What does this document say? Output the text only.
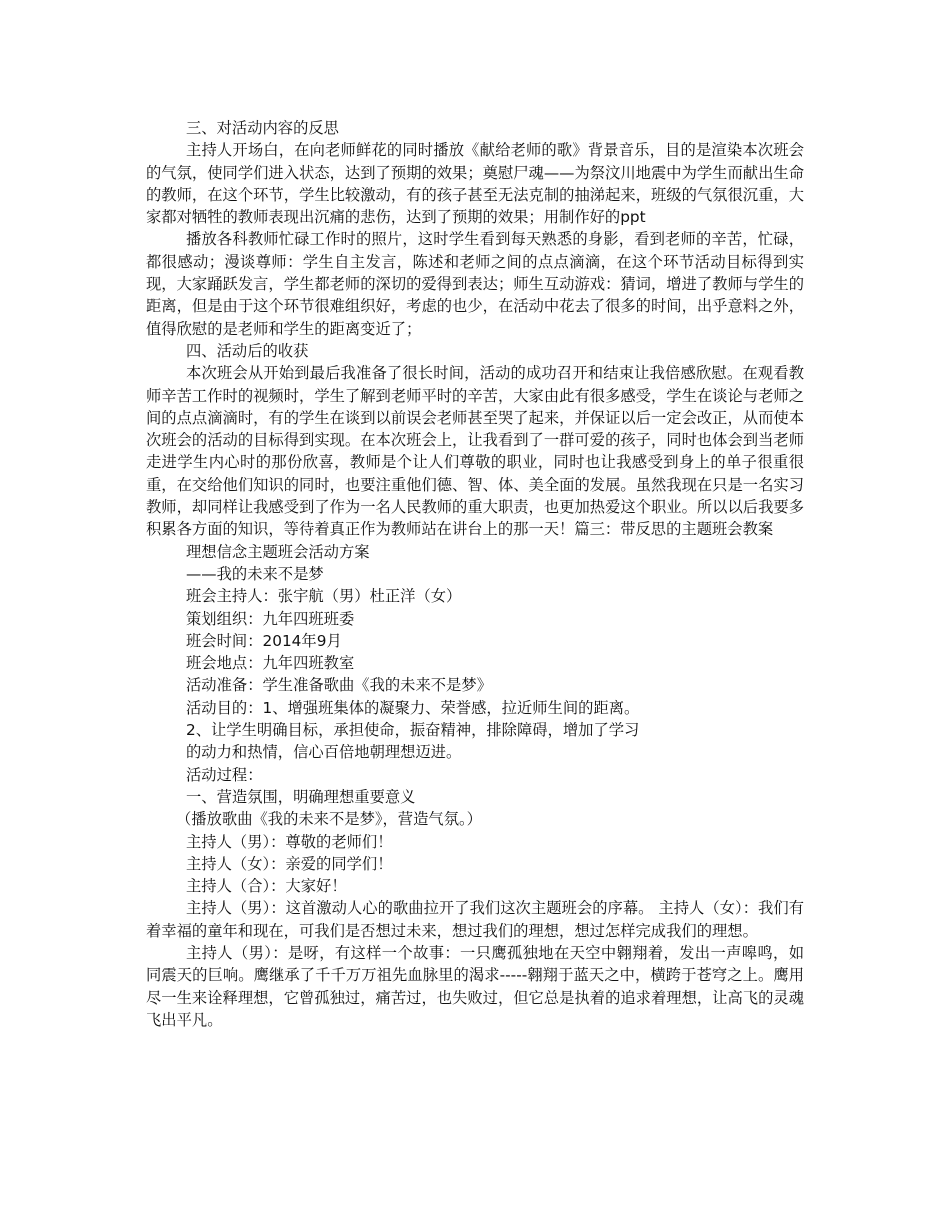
三、对活动内容的反思

主持人开场白，在向老师鲜花的同时播放《献给老师的歌》背景音乐，目的是渲染本次班会的气氛，使同学们进入状态，达到了预期的效果；奠慰尸魂——为祭汶川地震中为学生而献出生命的教师，在这个环节，学生比较激动，有的孩子甚至无法克制的抽涕起来，班级的气氛很沉重，大家都对牺牲的教师表现出沉痛的悲伤，达到了预期的效果；用制作好的ppt

播放各科教师忙碌工作时的照片，这时学生看到每天熟悉的身影，看到老师的辛苦，忙碌，都很感动；漫谈尊师：学生自主发言，陈述和老师之间的点点滴滴，在这个环节活动目标得到实现，大家踊跃发言，学生都老师的深切的爱得到表达；师生互动游戏：猜词，增进了教师与学生的距离，但是由于这个环节很难组织好，考虑的也少，在活动中花去了很多的时间，出乎意料之外，值得欣慰的是老师和学生的距离变近了；

四、活动后的收获

本次班会从开始到最后我准备了很长时间，活动的成功召开和结束让我倍感欣慰。在观看教师辛苦工作时的视频时，学生了解到老师平时的辛苦，大家由此有很多感受，学生在谈论与老师之间的点点滴滴时，有的学生在谈到以前误会老师甚至哭了起来，并保证以后一定会改正，从而使本次班会的活动的目标得到实现。在本次班会上，让我看到了一群可爱的孩子，同时也体会到当老师走进学生内心时的那份欣喜，教师是个让人们尊敬的职业，同时也让我感受到身上的单子很重很重，在交给他们知识的同时，也要注重他们德、智、体、美全面的发展。虽然我现在只是一名实习教师，却同样让我感受到了作为一名人民教师的重大职责，也更加热爱这个职业。所以以后我要多积累各方面的知识，等待着真正作为教师站在讲台上的那一天！篇三：带反思的主题班会教案

理想信念主题班会活动方案

——我的未来不是梦

班会主持人：张宇航（男）杜正洋（女）

策划组织：九年四班班委

班会时间：2014年9月

班会地点：九年四班教室

活动准备：学生准备歌曲《我的未来不是梦》

活动目的：1、增强班集体的凝聚力、荣誉感，拉近师生间的距离。

2、让学生明确目标，承担使命，振奋精神，排除障碍，增加了学习

的动力和热情，信心百倍地朝理想迈进。

活动过程：

一、营造氛围，明确理想重要意义

（播放歌曲《我的未来不是梦》，营造气氛。）

主持人（男）：尊敬的老师们！

主持人（女）：亲爱的同学们！

主持人（合）：大家好！

主持人（男）：这首激动人心的歌曲拉开了我们这次主题班会的序幕。 主持人（女）：我们有着幸福的童年和现在，可我们是否想过未来，想过我们的理想，想过怎样完成我们的理想。

主持人（男）：是呀，有这样一个故事：一只鹰孤独地在天空中翱翔着，发出一声嗥鸣，如同震天的巨响。鹰继承了千千万万祖先血脉里的渴求-----翱翔于蓝天之中，横跨于苍穹之上。鹰用尽一生来诠释理想，它曾孤独过，痛苦过，也失败过，但它总是执着的追求着理想，让高飞的灵魂飞出平凡。
